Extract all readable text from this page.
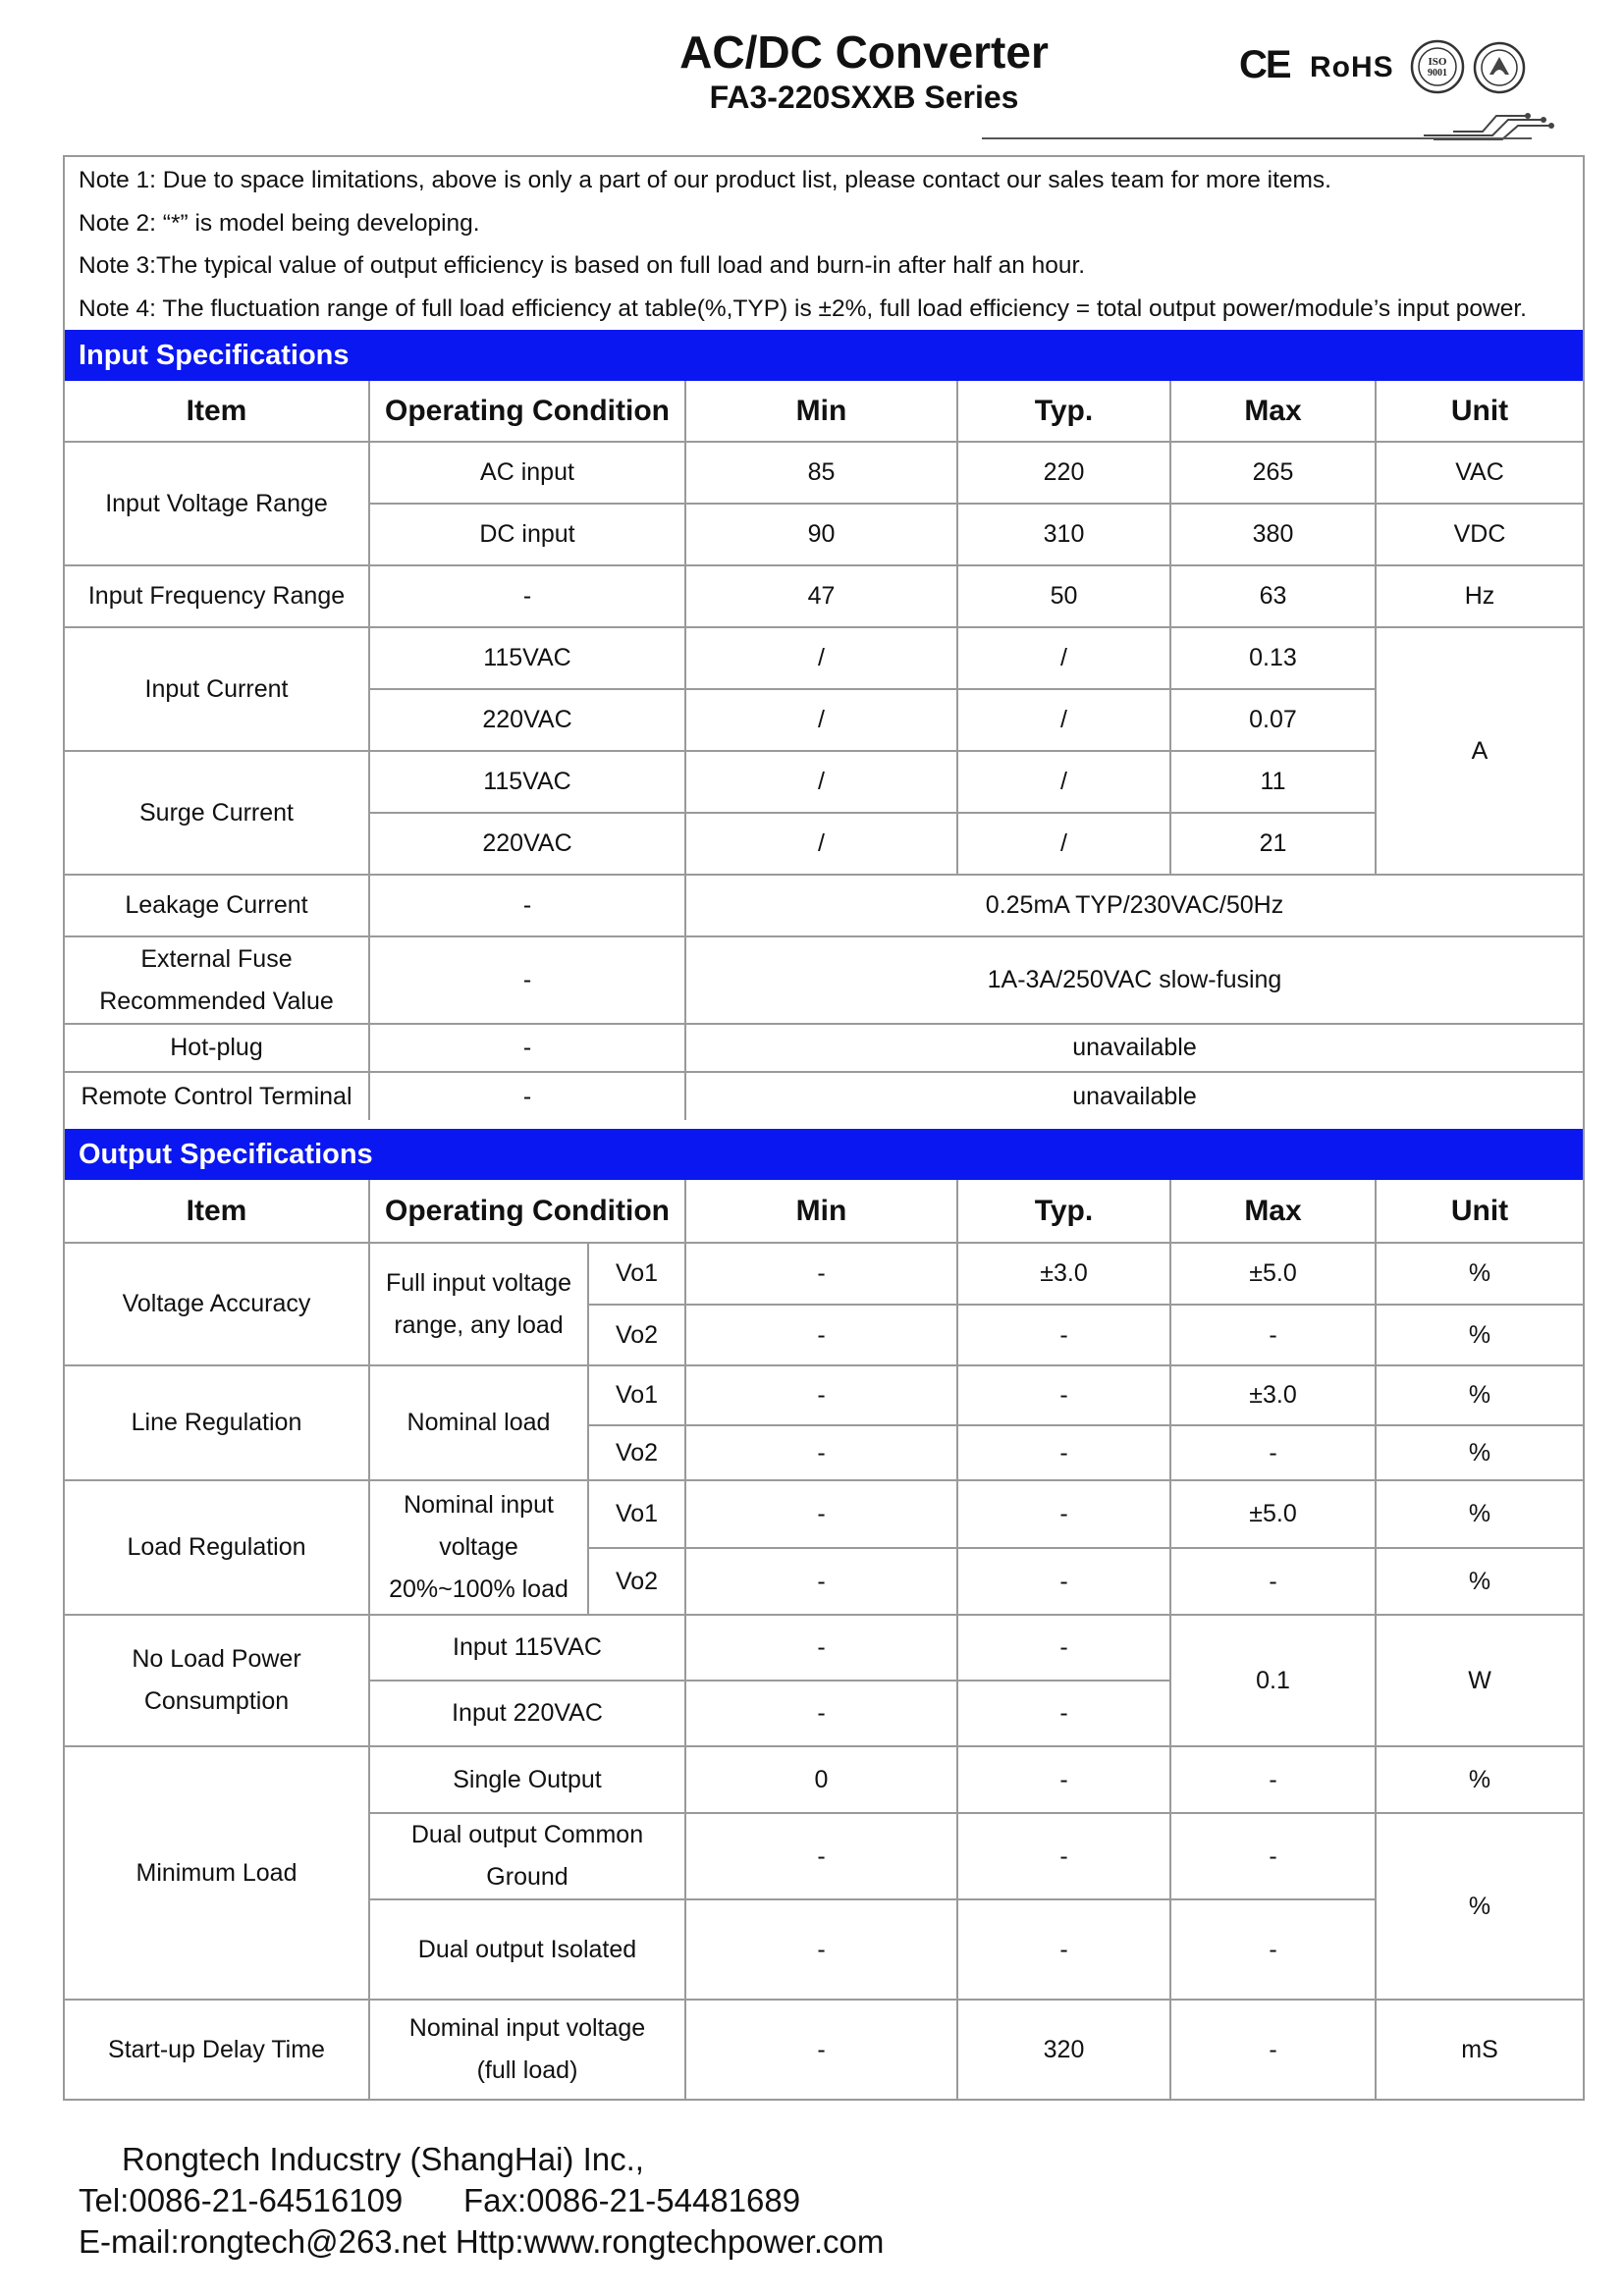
AC/DC Converter
FA3-220SXXB Series
CE RoHS	ISO
9001
Note 1: Due to space limitations, above is only a part of our product list, please contact our sales team for more items.
Note 2: “*” is model being developing.
Note 3:The typical value of output efficiency is based on full load and burn-in after half an hour.
Note 4: The fluctuation range of full load efficiency at table(%,TYP) is ±2%, full load efficiency = total output power/module’s input power.
Input Specifications
Item	Operating Condition	Min	Typ.	Max	Unit
Input Voltage Range	AC input	85	220	265	VAC
	DC input	90	310	380	VDC
Input Frequency Range	-	47	50	63	Hz
Input Current	115VAC	/	/	0.13	A
	220VAC	/	/	0.07	
Surge Current	115VAC	/	/	11	
	220VAC	/	/	21	
Leakage Current	-	0.25mA TYP/230VAC/50Hz			

External Fuse
Recommended Value	-	1A-3A/250VAC slow-fusing			
Hot-plug	-	unavailable			
Remote Control Terminal	-	unavailable			
Output Specifications
Item	Operating Condition		Min	Typ.	Max	Unit
Voltage Accuracy	Full input voltage
range, any load	Vo1	-	±3.0	±5.0	%
		Vo2	-	-	-	%
Line Regulation	Nominal load	Vo1	-	-	±3.0	%
		Vo2	-	-	-	%
Load Regulation	Nominal input
voltage
20%~100% load	Vo1	-	-	±5.0	%
		Vo2	-	-	-	%

No Load Power
Consumption	Input 115VAC		-	-	0.1	W
	Input 220VAC		-	-		
Minimum Load	Single Output		0	-	-	%

	Dual output Common
Ground		-	-	-	%
	Dual output Isolated		-	-	-	
Start-up Delay Time	Nominal input voltage
(full load)		-	320	-	mS
Rongtech Inducstry (ShangHai) Inc.,
Tel:0086-21-64516109 Fax:0086-21-54481689
E-mail:rongtech@263.net Http:www.rongtechpower.com
